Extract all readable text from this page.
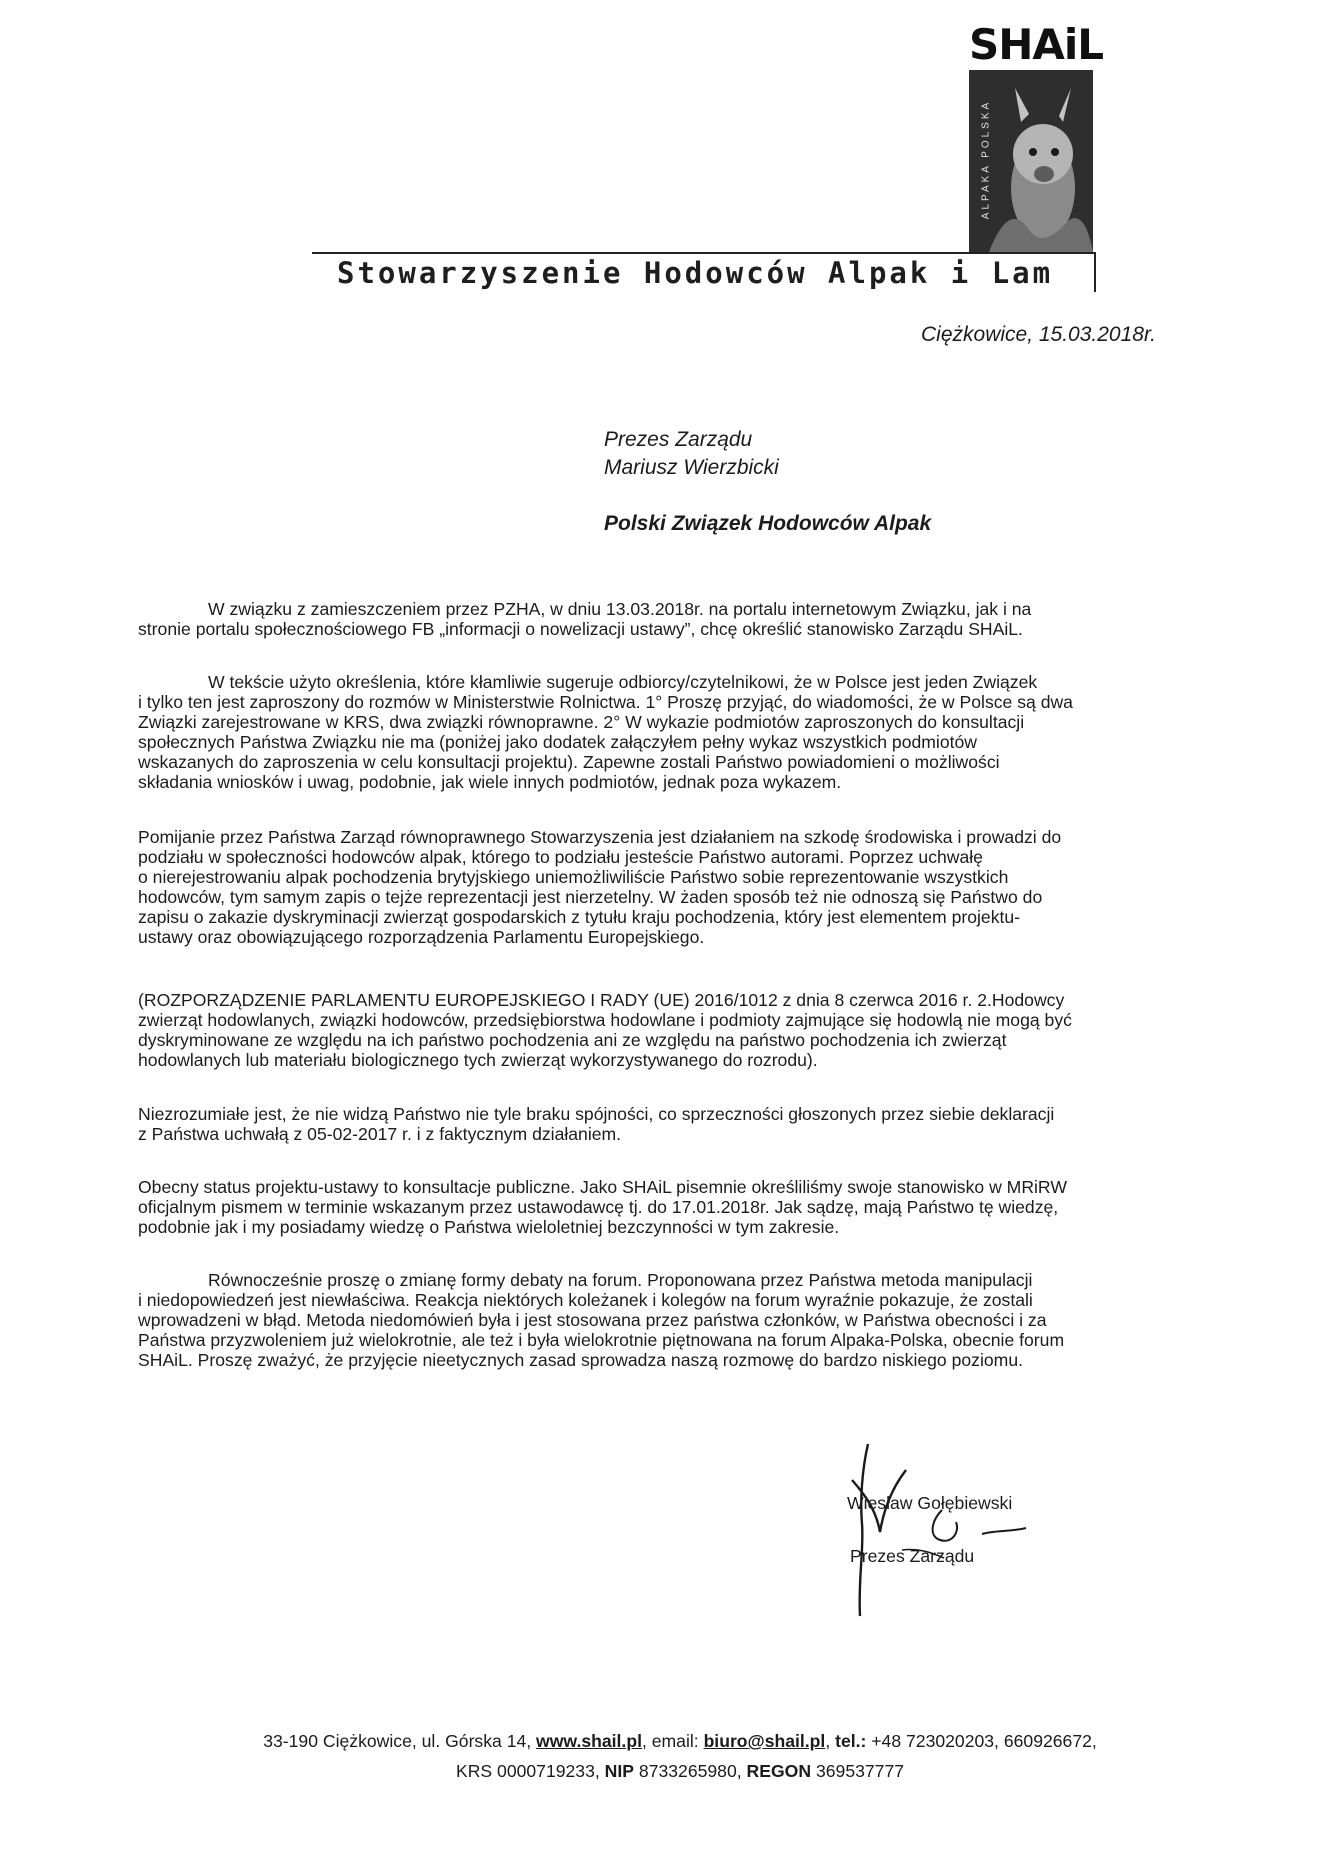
SHAiL
ALPAKA POLSKA
Stowarzyszenie Hodowców Alpak i Lam
Ciężkowice, 15.03.2018r.
Prezes Zarządu
Mariusz Wierzbicki
Polski Związek Hodowców Alpak
W związku z zamieszczeniem przez PZHA, w dniu 13.03.2018r. na portalu internetowym Związku, jak i na
stronie portalu społecznościowego FB „informacji o nowelizacji ustawy”, chcę określić stanowisko Zarządu SHAiL.
W tekście użyto określenia, które kłamliwie sugeruje odbiorcy/czytelnikowi, że w Polsce jest jeden Związek
i tylko ten jest zaproszony do rozmów w Ministerstwie Rolnictwa. 1° Proszę przyjąć, do wiadomości, że w Polsce są dwa
Związki zarejestrowane w KRS, dwa związki równoprawne. 2° W wykazie podmiotów zaproszonych do konsultacji
społecznych Państwa Związku nie ma (poniżej jako dodatek załączyłem pełny wykaz wszystkich podmiotów
wskazanych do zaproszenia w celu konsultacji projektu). Zapewne zostali Państwo powiadomieni o możliwości
składania wniosków i uwag, podobnie, jak wiele innych podmiotów, jednak poza wykazem.
Pomijanie przez Państwa Zarząd równoprawnego Stowarzyszenia jest działaniem na szkodę środowiska i prowadzi do
podziału w społeczności hodowców alpak, którego to podziału jesteście Państwo autorami. Poprzez uchwałę
o nierejestrowaniu alpak pochodzenia brytyjskiego uniemożliwiliście Państwo sobie reprezentowanie wszystkich
hodowców, tym samym zapis o tejże reprezentacji jest nierzetelny. W żaden sposób też nie odnoszą się Państwo do
zapisu o zakazie dyskryminacji zwierząt gospodarskich z tytułu kraju pochodzenia, który jest elementem projektu-
ustawy oraz obowiązującego rozporządzenia Parlamentu Europejskiego.
(ROZPORZĄDZENIE PARLAMENTU EUROPEJSKIEGO I RADY (UE) 2016/1012 z dnia 8 czerwca 2016 r. 2.Hodowcy
zwierząt hodowlanych, związki hodowców, przedsiębiorstwa hodowlane i podmioty zajmujące się hodowlą nie mogą być
dyskryminowane ze względu na ich państwo pochodzenia ani ze względu na państwo pochodzenia ich zwierząt
hodowlanych lub materiału biologicznego tych zwierząt wykorzystywanego do rozrodu).
Niezrozumiałe jest, że nie widzą Państwo nie tyle braku spójności, co sprzeczności głoszonych przez siebie deklaracji
z Państwa uchwałą z 05-02-2017 r. i z faktycznym działaniem.
Obecny status projektu-ustawy to konsultacje publiczne. Jako SHAiL pisemnie określiliśmy swoje stanowisko w MRiRW
oficjalnym pismem w terminie wskazanym przez ustawodawcę tj. do 17.01.2018r. Jak sądzę, mają Państwo tę wiedzę,
podobnie jak i my posiadamy wiedzę o Państwa wieloletniej bezczynności w tym zakresie.
Równocześnie proszę o zmianę formy debaty na forum. Proponowana przez Państwa metoda manipulacji
i niedopowiedzeń jest niewłaściwa. Reakcja niektórych koleżanek i kolegów na forum wyraźnie pokazuje, że zostali
wprowadzeni w błąd. Metoda niedomówień była i jest stosowana przez państwa członków, w Państwa obecności i za
Państwa przyzwoleniem już wielokrotnie, ale też i była wielokrotnie piętnowana na forum Alpaka-Polska, obecnie forum
SHAiL. Proszę zważyć, że przyjęcie nieetycznych zasad sprowadza naszą rozmowę do bardzo niskiego poziomu.
Wiesław Gołębiewski
Prezes Zarządu
33-190 Ciężkowice, ul. Górska 14, www.shail.pl, email: biuro@shail.pl, tel.: +48 723020203, 660926672,
KRS 0000719233, NIP 8733265980, REGON 369537777
